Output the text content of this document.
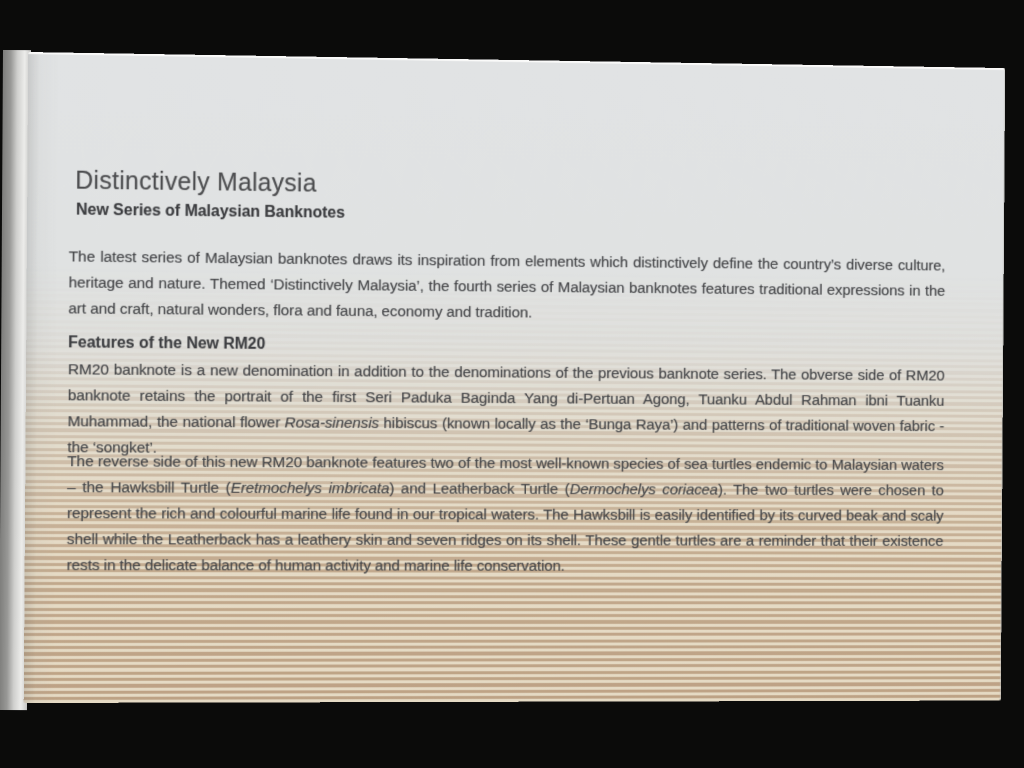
Distinctively Malaysia
New Series of Malaysian Banknotes

The latest series of Malaysian banknotes draws its inspiration from elements which distinctively define the country’s diverse culture, heritage and nature. Themed ‘Distinctively Malaysia’, the fourth series of Malaysian banknotes features traditional expressions in the art and craft, natural wonders, flora and fauna, economy and tradition.

Features of the New RM20

RM20 banknote is a new denomination in addition to the denominations of the previous banknote series. The obverse side of RM20 banknote retains the portrait of the first Seri Paduka Baginda Yang di-Pertuan Agong, Tuanku Abdul Rahman ibni Tuanku Muhammad, the national flower Rosa-sinensis hibiscus (known locally as the ‘Bunga Raya’) and patterns of traditional woven fabric - the ‘songket’.

The reverse side of this new RM20 banknote features two of the most well-known species of sea turtles endemic to Malaysian waters – the Hawksbill Turtle (Eretmochelys imbricata) and Leatherback Turtle (Dermochelys coriacea). The two turtles were chosen to represent the rich and colourful marine life found in our tropical waters. The Hawksbill is easily identified by its curved beak and scaly shell while the Leatherback has a leathery skin and seven ridges on its shell. These gentle turtles are a reminder that their existence rests in the delicate balance of human activity and marine life conservation.
